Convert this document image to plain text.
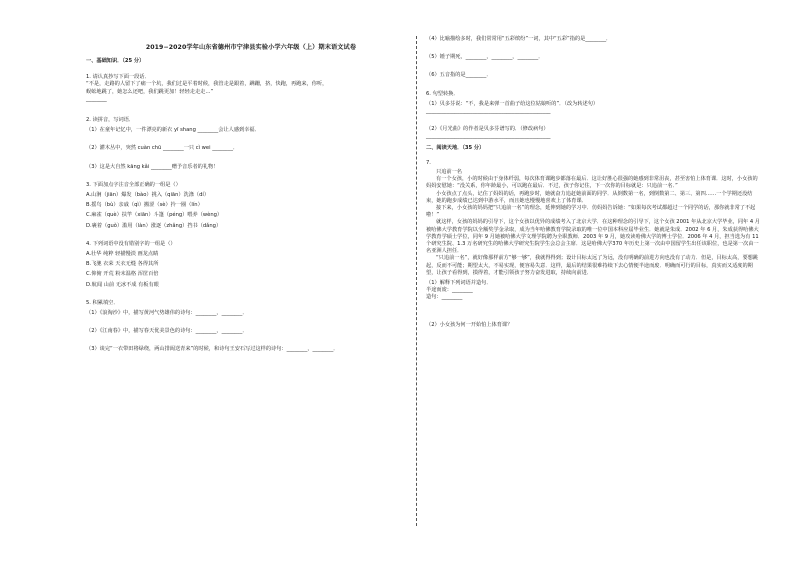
2019−2020学年山东省德州市宁津县实验小学六年级（上）期末语文试卷

一、基础知识．（25 分）

1. 请认真抄写下面一段话．

“不是，走路的人留下了痛一个坑，我们过是平着时候，我管走是跟着，蹒跚，挤，快跑，再跑来，你听，

蜈蚣地跳了，她怎么还吧，我们跳更加！轻轻走走走…”

________

2. 读拼音，写词语．

（1）在童年记忆中，一件漂亮的新衣 yī shang ________会让人感到幸福．

（2）灌木丛中，突然 cuàn chū ________一只 cì wei ________．

（3）这是大自然 kāng kǎi ________赠予音乐者的礼物！

3. 下面加点字注音全部正确的一组是（）

A.山涧（jiān）爆发（bào）挑入（qiān）洗涤（dí）

B.摇鸟（bù）亲戚（qì）搬涩（sè）拎一圈（lín）

C.麻雀（què）扶竿（xiān）斗篷（péng）喂养（wèng）

D.裹着（guǒ）滥用（làn）涨逐（zhǎng）挡书（dǎng）

4. 下列词语中没有错别字的一组是（）

A.壮华 纯粹 轻描慢淡 画龙点睛

B.飞驰 衣荣 天衣无缝 各得其所

C.仰俯 开荒 粉末温格 浑筐百倍

D.航闻 山前 无冰不成 有板有眼

5. 积累填空．

（1）《浪淘沙》中，描写黄河气势雄伟的诗句：________，________．

（2）《江南春》中，描写春天优美景色的诗句：________，________．

（3）谈完“一衣带田将绿绕，两山排闼送青来”的时候，和诗句王安石写过这样的诗句：________，________．

（4）比喻描绘多时，我们常常用“五彩缤纷”一词，其中“五彩”指的是________．

（5）锺子期死，________，________，________．

（6）五音指的是________．

6. 句型转换．

（1）贝多芬说：“不，我是来弹一首曲子给这位姑娘听的”．（改为转述句）

________________________________________________

（2）《月光曲》的作者是贝多芬谱写的．（修改病句）

________________________________________________

二、阅读天地．（35 分）

7.

只追前一名

有一个女孩，小的时候由于身体纤弱，每次体育课跑步都落在最后．这让好胜心很强的她感到非常沮丧，甚至害怕上体育课．这时，小女孩的妈妈安慰她：“没关系，你年龄最小，可以跑在最后．不过，孩子你记住，下一次你的目标就是：只追前一名．”

小女孩点了点头，记住了妈妈的话，再跑步时，她就奋力追赶她前面的同学．从倒数第一名，到倒数第二、第三、第四……一个学期还没结束，她的跑步成绩已达到中游水平，而且她也慢慢地喜欢上了体育课．

接下来，小女孩的妈妈把“只追前一名”的理念，延伸到她的学习中．仿妈妈告诉她：“如果每次考试都超过一个同学的话，那你就非常了不起啦！”

就这样，女孩的妈妈的引导下，这个女孩以优异的成绩考入了北京大学．在这种理念的引导下，这个女孩 2001 年从北京大学毕业，同年 4 月被哈佛大学教育学院以全额奖学金录取，成为当年哈佛教育学院录取的唯一位中国本科应届毕业生．她就是朱成．2002 年 6 月，朱成获得哈佛大学教育学硕士学位，同年 9 月她被哈佛大学文理学院聘为全职教师．2003 年 9 月，她攻读哈佛大学的博士学位．2006 年 4 月，担当选为有 11 个研究生院、1.3 万名研究生的哈佛大学研究生院学生会总会主席．这是哈佛大学370 年历史上第一次由中国留学生出任该职位，也是第一次由一名亚洲人担任．

“只追前一名”，就好像那样前方“够一够”，我就得得到；设计目标太远了为远，没有明确的前进方向也没有了动力．但是，目标太高，要想跳起，反而不可能；期望太大，不易实现，便容易失意．这样，最后的结果很难持续下去心情便半途而废．明确而可行的目标，真实而又适度的期望，让孩子看得到，摸得着，才能引领孩子努力奋发进取，持续向前进．

（1）解释下列词语并造句．

半途而废：________

造句：________

（2）小女孩为何一开始怕上体育课？
